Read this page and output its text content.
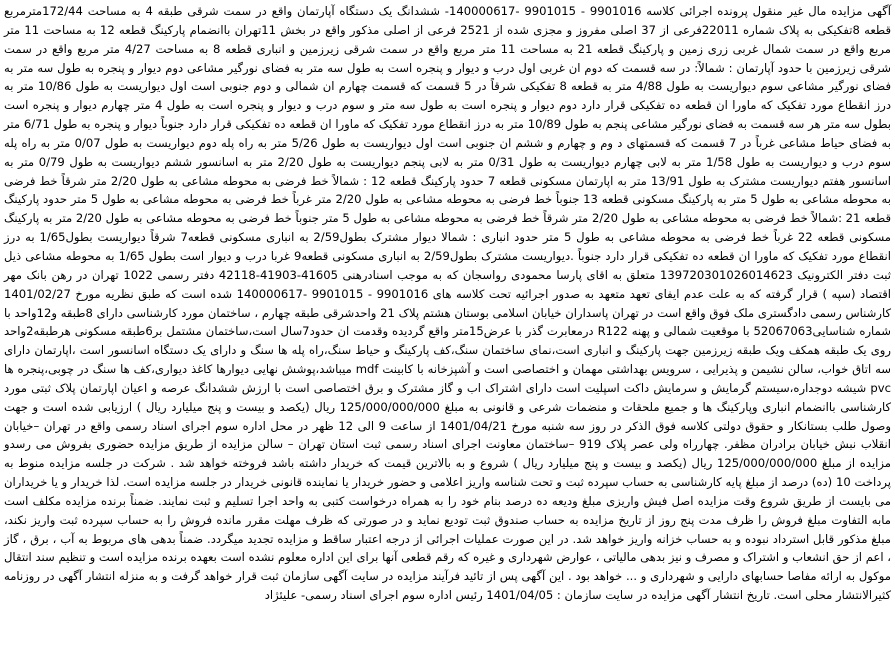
آگهی مزایده مال غیر منقول پرونده اجرائی کلاسه 9901016 - 9901015 -140000617- ششدانگ یک دستگاه آپارتمان واقع در سمت شرقی طبقه 4 به مساحت 172/44مترمربع قطعه 8تفکیکی به پلاک شماره 22011فرعی از 37 اصلی مفروز و مجزی شده از 2521 فرعی از اصلی مذکور واقع در بخش 11تهران باانضمام پارکینگ قطعه 12 به مساحت 11 متر مربع واقع در سمت شمال غربی زری زمین و پارکینگ قطعه 21 به مساحت 11 متر مربع واقع در سمت شرقی زیرزمین و انباری قطعه 8 به مساحت 4/27 متر مربع واقع در سمت شرقی زیرزمین با حدود آپارتمان : شمالاً: در سه قسمت که دوم ان غربی اول درب و دیوار و پنجره است به طول سه متر به فضای نورگیر مشاعی دوم دیوار و پنجره به طول سه متر به فضای نورگیر مشاعی سوم دیواریست به طول 4/88 متر به قطعه 8 تفکیکی شرقاً در 5 قسمت که قسمت چهارم ان شمالی و دوم جنوبی است اول دیواریست به طول 10/86 متر به درز انقطاع مورد تفکیک که ماورا ان قطعه ده تفکیکی قرار دارد دوم دیوار و پنجره است به طول سه متر و سوم درب و دیوار و پنجره است به طول 4 متر چهارم دیوار و پنجره است بطول سه متر هر سه قسمت به فضای نورگیر مشاعی پنجم به طول 10/89 متر به درز انقطاع مورد تفکیک که ماورا ان قطعه ده تفکیکی قرار دارد جنوباً دیوار و پنجره به طول 6/71 متر به فضای حیاط مشاعی غرباً در 7 قسمت که قسمتهای د وم و چهارم و ششم ان جنوبی است اول دیواریست به طول 5/26 متر به راه پله دوم دیواریست به طول 0/07 متر به راه پله سوم درب و دیواریست به طول 1/58 متر به لابی چهارم دیواریست به طول 0/31 متر به لابی پنجم دیواریست به طول 2/20 متر به اسانسور ششم دیواریست به طول 0/79 متر به اسانسور هفتم دیواریست مشترک به طول 13/91 متر به اپارتمان مسکونی قطعه 7 حدود پارکینگ قطعه 12 : شمالاً خط فرضی به محوطه مشاعی به طول 2/20 متر شرقاً خط فرضی به محوطه مشاعی به طول 5 متر به پارکینگ مسکونی قطعه 13 جنوباً خط فرضی به محوطه مشاعی به طول 2/20 متر غرباً خط فرضی به محوطه مشاعی به طول 5 متر حدود پارکینگ قطعه 21 :شمالاً خط فرضی به محوطه مشاعی به طول 2/20 متر شرقاً خط فرضی به محوطه مشاعی به طول 5 متر جنوباً خط فرضی به محوطه مشاعی به طول 2/20 متر به پارکینگ مسکونی قطعه 22 غرباً خط فرضی به محوطه مشاعی به طول 5 متر حدود انباری : شمالا دیوار مشترک بطول2/59 به انباری مسکونی قطعه7 شرقاً دیواریست بطول1/65 به درز انقطاع مورد تفکیک که ماورا ان قطعه ده تفکیکی قرار دارد جنوباً .دیواریست مشترک بطول2/59 به انباری مسکونی قطعه9 غربا درب و دیوار است بطول 1/65 به محوطه مشاعی ذیل ثبت دفتر الکترونیک 139720301026014623 متعلق به اقای پارسا محمودی رواسجان که به موجب اسنادرهنی 41605-41903-42118 دفتر رسمی 1022 تهران در رهن بانک مهر اقتصاد (سپه ) قرار گرفته که به علت عدم ایفای تعهد متعهد به صدور اجرائیه تحت کلاسه های 9901016 - 9901015 -140000617 شده است که طبق نظریه مورخ 1401/02/27 کارشناس رسمی دادگستری ملک فوق واقع است در تهران پاسداران خیابان اسلامی بوستان هشتم پلاک 21 واحدشرقی طبقه چهارم ، ساختمان مورد کارشناسی دارای 8طبقه و12واحد با شماره شناسایی52067063 با موقعیت شمالی و پهنه R122 درمعابرت گذر با عرض15متر واقع گردیده وقدمت ان حدود7سال است،ساختمان مشتمل بر6طبقه مسکونی هرطبقه2واحد روی یک طبقه همکف ویک طبقه زیرزمین جهت پارکینگ و انباری است،نمای ساختمان سنگ،کف پارکینگ و حیاط سنگ،راه پله ها سنگ و دارای یک دستگاه اسانسور است ،اپارتمان دارای سه اتاق خواب، سالن نشیمن و پذیرایی ، سرویس بهداشتی مهمان و اختصاصی است و آشپزخانه با کابینت mdf میباشد،پوشش نهایی دیوارها کاغذ دیواری،کف ها سنگ در چوبی،پنجره ها pvc شیشه دوجداره،سیستم گرمایش و سرمایش داکت اسپلیت است دارای اشتراک اب و گاز مشترک و برق اختصاصی است با ارزش ششدانگ عرصه و اعیان اپارتمان پلاک ثبتی مورد کارشناسی باانضمام انباری وپارکینگ ها و جمیع ملحقات و منضمات شرعی و قانونی به مبلغ 125/000/000/000 ریال (یکصد و بیست و پنج میلیارد ریال ) ارزیابی شده است و جهت وصول طلب بستانکار و حقوق دولتی کلاسه فوق الذکر در روز سه شنبه مورخ 1401/04/21 از ساعت 9 الی 12 ظهر در محل اداره سوم اجرای اسناد رسمی واقع در تهران –خیابان انقلاب نبش خیابان برادران مظفر. چهارراه ولی عصر پلاک 919 –ساختمان معاونت اجرای اسناد رسمی ثبت استان تهران – سالن مزایده از طریق مزایده حضوری بفروش می رسدو مزایده از مبلغ 125/000/000/000 ریال (یکصد و بیست و پنج میلیارد ریال ) شروع و به بالاترین قیمت که خریدار داشته باشد فروخته خواهد شد . شرکت در جلسه مزایده منوط به پرداخت 10 (ده) درصد از مبلغ پایه کارشناسی به حساب سپرده ثبت و تحت شناسه واریز اعلامی و حضور خریدار یا نماینده قانونی خریدار در جلسه مزایده است. لذا خریدار و یا خریداران می بایست از طریق شروع وقت مزایده اصل فیش واریزی مبلغ ودیعه ده درصد بنام خود را به همراه درخواست کتبی به واحد اجرا تسلیم و ثبت نمایند. ضمناً برنده مزایده مکلف است مابه التفاوت مبلغ فروش را ظرف مدت پنج روز از تاریخ مزایده به حساب صندوق ثبت تودیع نماید و در صورتی که ظرف مهلت مقرر مانده فروش را به حساب سپرده ثبت واریز نکند، مبلغ مذکور قابل استرداد نبوده و به حساب خزانه واریز خواهد شد. در این صورت عملیات اجرائی از درجه اعتبار ساقط و مزایده تجدید میگردد. ضمناً بدهی های مربوط به آب ، برق ، گاز ، اعم از حق انشعاب و اشتراک و مصرف و نیز بدهی مالیاتی ، عوارض شهرداری و غیره که رقم قطعی آنها برای این اداره معلوم نشده است بعهده برنده مزایده است و تنظیم سند انتقال موکول به ارائه مفاصا حسابهای دارایی و شهرداری و ... خواهد بود . این آگهی پس از تائید فرآیند مزایده در سایت آگهی سازمان ثبت قرار خواهد گرفت و به منزله انتشار آگهی در روزنامه کثیرالانتشار محلی است. تاریخ انتشار آگهی مزایده در سایت سازمان : 1401/04/05 رئیس اداره سوم اجرای اسناد رسمی- علیئژاد
